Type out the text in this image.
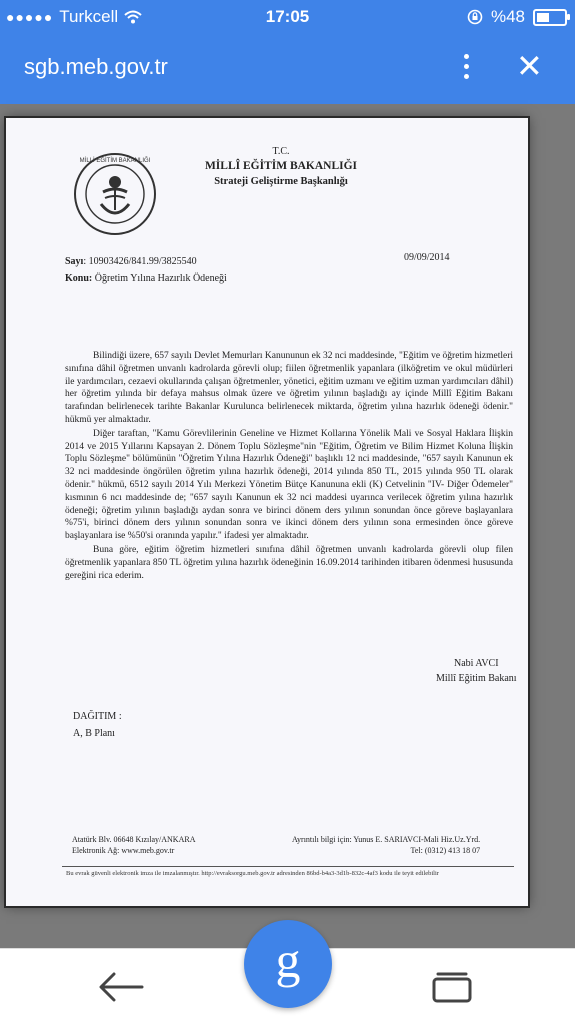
●●●●● Turkcell	17:05	%48
sgb.meb.gov.tr	✕
MİLLİ EĞİTİM BAKANLIĞI
T.C.
MİLLÎ EĞİTİM BAKANLIĞI
Strateji Geliştirme Başkanlığı
Sayı: 10903426/841.99/3825540	09/09/2014
Konu: Öğretim Yılına Hazırlık Ödeneği

Bilindiği üzere, 657 sayılı Devlet Memurları Kanununun ek 32 nci maddesinde, "Eğitim ve öğretim hizmetleri sınıfına dâhil öğretmen unvanlı kadrolarda görevli olup; fiilen öğretmenlik yapanlara (ilköğretim ve okul müdürleri ile yardımcıları, cezaevi okullarında çalışan öğretmenler, yönetici, eğitim uzmanı ve eğitim uzman yardımcıları dâhil) her öğretim yılında bir defaya mahsus olmak üzere ve öğretim yılının başladığı ay içinde Millî Eğitim Bakanı tarafından belirlenecek tarihte Bakanlar Kurulunca belirlenecek miktarda, öğretim yılına hazırlık ödeneği ödenir." hükmü yer almaktadır.

Diğer taraftan, "Kamu Görevlilerinin Geneline ve Hizmet Kollarına Yönelik Mali ve Sosyal Haklara İlişkin 2014 ve 2015 Yıllarını Kapsayan 2. Dönem Toplu Sözleşme"nin "Eğitim, Öğretim ve Bilim Hizmet Koluna İlişkin Toplu Sözleşme" bölümünün "Öğretim Yılına Hazırlık Ödeneği" başlıklı 12 nci maddesinde, "657 sayılı Kanunun ek 32 nci maddesinde öngörülen öğretim yılına hazırlık ödeneği, 2014 yılında 850 TL, 2015 yılında 950 TL olarak ödenir." hükmü, 6512 sayılı 2014 Yılı Merkezi Yönetim Bütçe Kanununa ekli (K) Cetvelinin "IV- Diğer Ödemeler" kısmının 6 ncı maddesinde de; "657 sayılı Kanunun ek 32 nci maddesi uyarınca verilecek öğretim yılına hazırlık ödeneği; öğretim yılının başladığı aydan sonra ve birinci dönem ders yılının sonundan önce göreve başlayanlara %75'i, birinci dönem ders yılının sonundan sonra ve ikinci dönem ders yılının sona ermesinden önce göreve başlayanlara ise %50'si oranında yapılır." ifadesi yer almaktadır.

Buna göre, eğitim öğretim hizmetleri sınıfına dâhil öğretmen unvanlı kadrolarda görevli olup filen öğretmenlik yapanlara 850 TL öğretim yılına hazırlık ödeneğinin 16.09.2014 tarihinden itibaren ödenmesi hususunda gereğini rica ederim.

Nabi AVCI
Millî Eğitim Bakanı
DAĞITIM :
A, B Planı
Atatürk Blv. 06648 Kızılay/ANKARA
Elektronik Ağ: www.meb.gov.tr
Ayrıntılı bilgi için: Yunus E. SARIAVCI-Mali Hiz.Uz.Yrd.
Tel: (0312) 413 18 07
Bu evrak güvenli elektronik imza ile imzalanmıştır. http://evraksorgu.meb.gov.tr adresinden 86bd-b4a3-3d1b-832c-4af3 kodu ile teyit edilebilir
g
